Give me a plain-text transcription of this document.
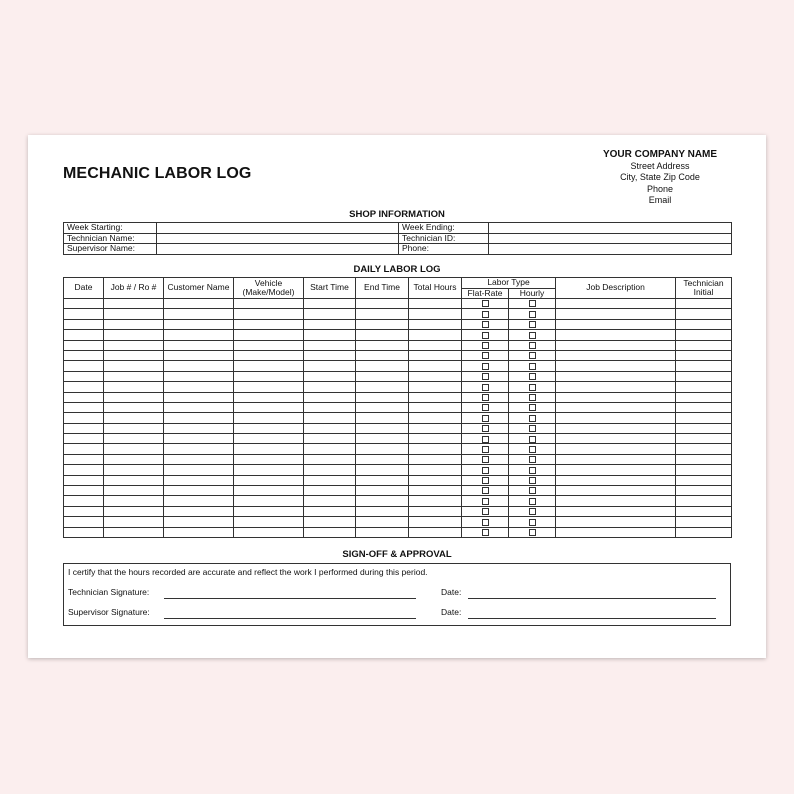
MECHANIC LABOR LOG
YOUR COMPANY NAME
Street Address
City, State Zip Code
Phone
Email
SHOP INFORMATION
Week Starting:		Week Ending:	
Technician Name:		Technician ID:	
Supervisor Name:		Phone:	
DAILY LABOR LOG
Date	Job # / Ro #	Customer Name	Vehicle (Make/Model)	Start Time	End Time	Total Hours	Labor Type		Job Description	Technician Initial
							Flat-Rate	Hourly		

SIGN-OFF & APPROVAL
I certify that the hours recorded are accurate and reflect the work I performed during this period.
Technician Signature:	Date:
Supervisor Signature:	Date:
